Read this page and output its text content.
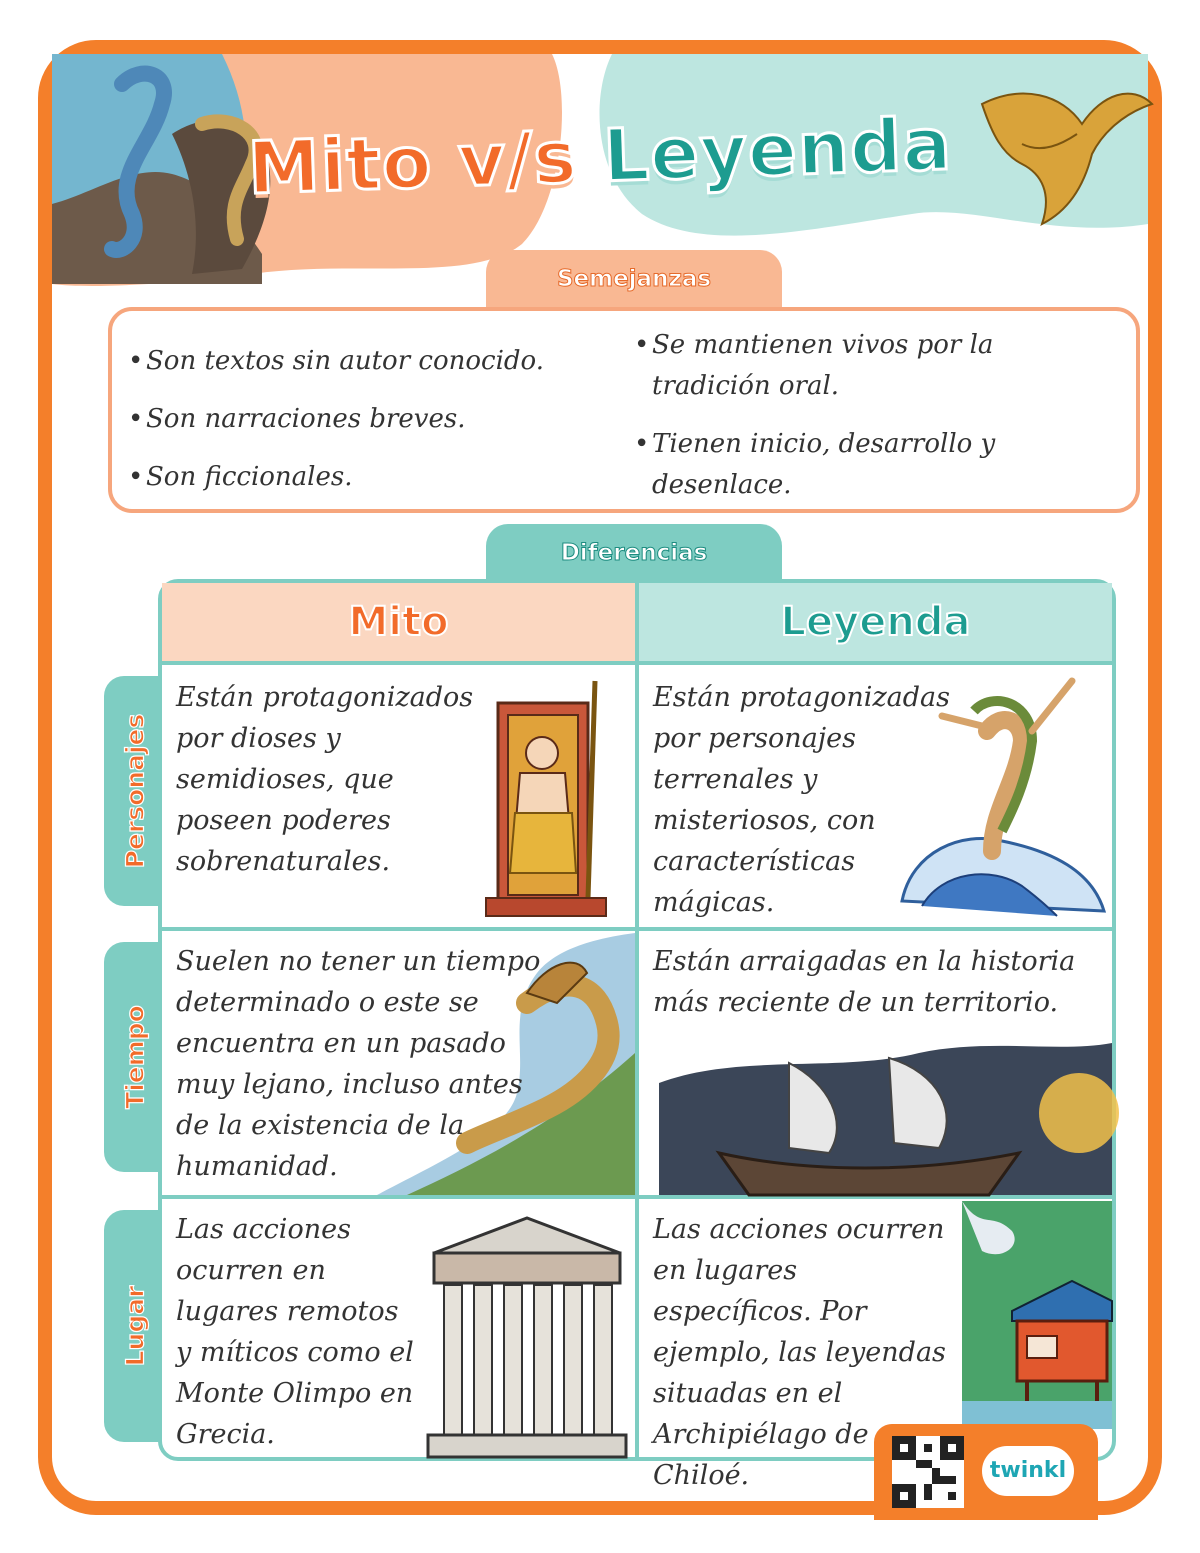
Mito v/s Leyenda
Semejanzas
• Son textos sin autor conocido.
• Son narraciones breves.
• Son ficcionales.
• Se mantienen vivos por la tradición oral.
• Tienen inicio, desarrollo y desenlace.
Diferencias
Personajes
Tiempo
Lugar
Mito	Leyenda
Están protagonizados por dioses y semidioses, que poseen poderes sobrenaturales.
Están protagonizadas por personajes terrenales y misteriosos, con características mágicas.
Suelen no tener un tiempo determinado o este se encuentra en un pasado muy lejano, incluso antes de la existencia de la humanidad.
Están arraigadas en la historia más reciente de un territorio.
Las acciones ocurren en lugares remotos y míticos como el Monte Olimpo en Grecia.
Las acciones ocurren en lugares específicos. Por ejemplo, las leyendas situadas en el Archipiélago de Chiloé.	twinkl
